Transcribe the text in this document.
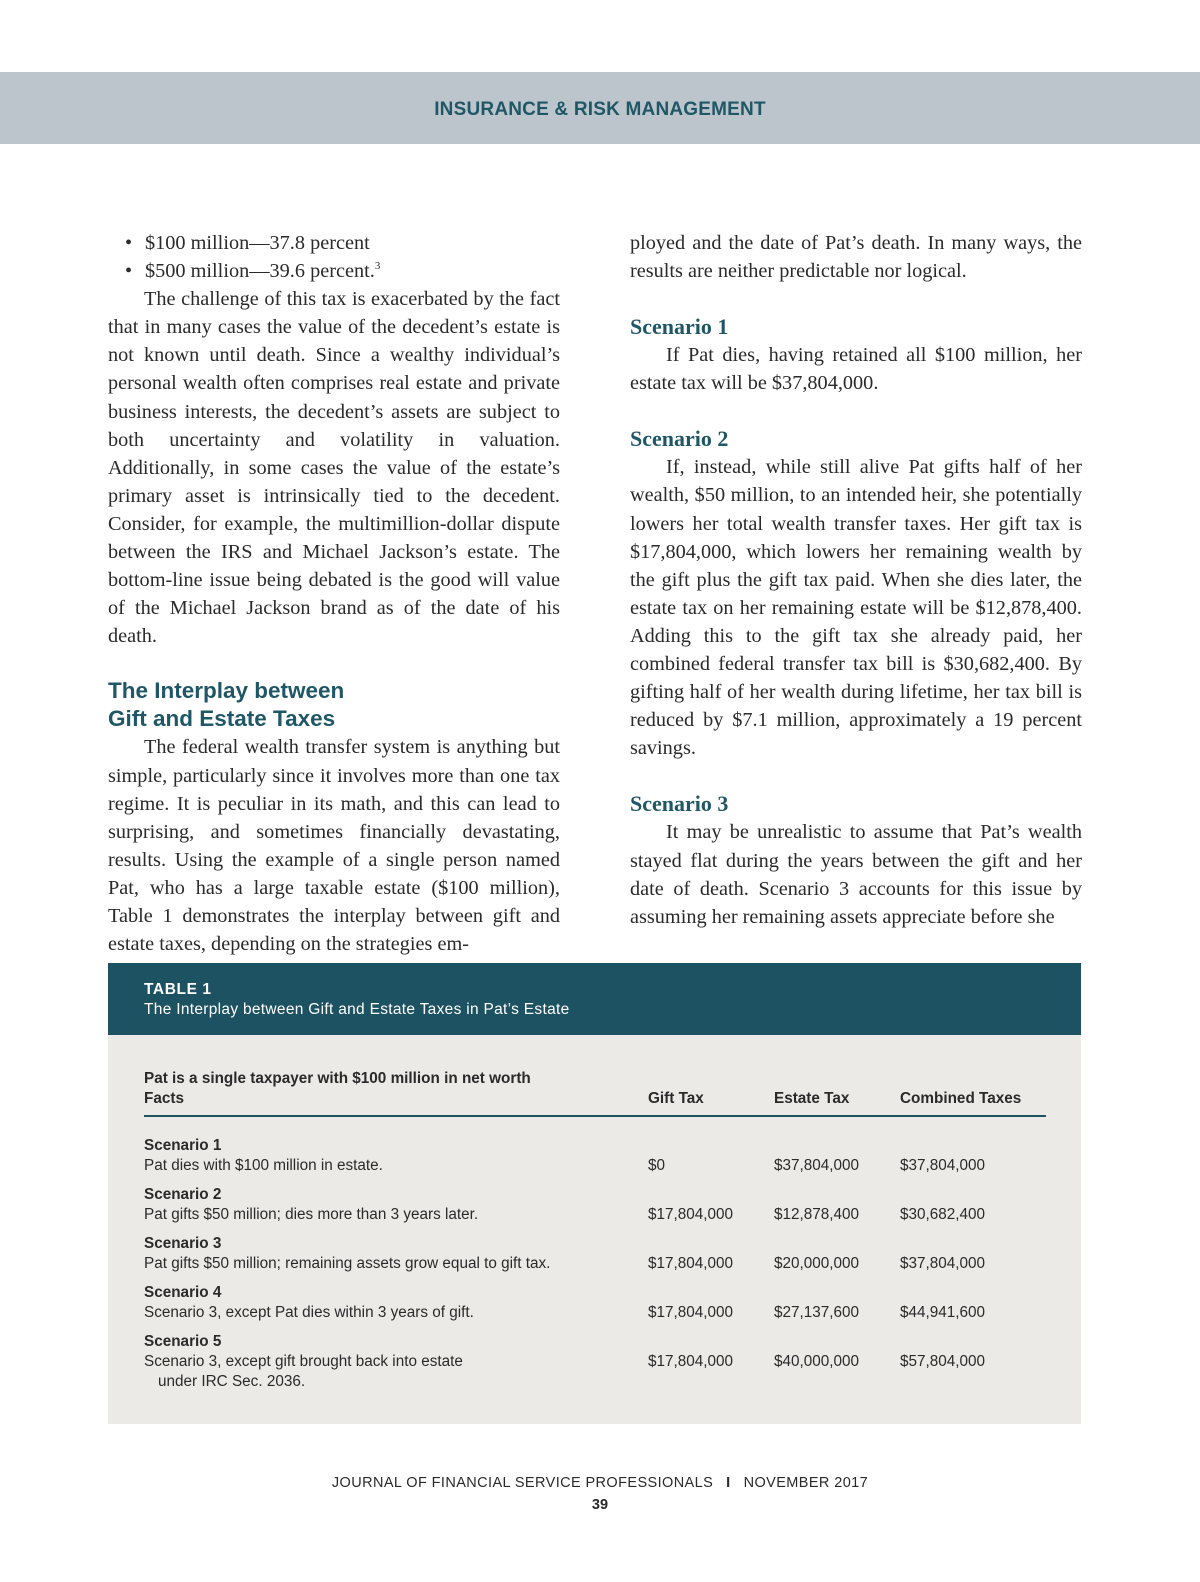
INSURANCE & RISK MANAGEMENT
• $100 million—37.8 percent
• $500 million—39.6 percent.$^3$

The challenge of this tax is exacerbated by the fact that in many cases the value of the decedent’s estate is not known until death. Since a wealthy individual’s personal wealth often comprises real estate and private business interests, the decedent’s assets are subject to both uncertainty and volatility in valuation. Additionally, in some cases the value of the estate’s primary asset is intrinsically tied to the decedent. Consider, for example, the multimillion-dollar dispute between the IRS and Michael Jackson’s estate. The bottom-line issue being debated is the good will value of the Michael Jackson brand as of the date of his death.

The Interplay between
Gift and Estate Taxes

The federal wealth transfer system is anything but simple, particularly since it involves more than one tax regime. It is peculiar in its math, and this can lead to surprising, and sometimes financially devastating, results. Using the example of a single person named Pat, who has a large taxable estate ($100 million), Table 1 demonstrates the interplay between gift and estate taxes, depending on the strategies em-

ployed and the date of Pat’s death. In many ways, the results are neither predictable nor logical.

Scenario 1

If Pat dies, having retained all $100 million, her estate tax will be $37,804,000.

Scenario 2

If, instead, while still alive Pat gifts half of her wealth, $50 million, to an intended heir, she potentially lowers her total wealth transfer taxes. Her gift tax is $17,804,000, which lowers her remaining wealth by the gift plus the gift tax paid. When she dies later, the estate tax on her remaining estate will be $12,878,400. Adding this to the gift tax she already paid, her combined federal transfer tax bill is $30,682,400. By gifting half of her wealth during lifetime, her tax bill is reduced by $7.1 million, approximately a 19 percent savings.

Scenario 3

It may be unrealistic to assume that Pat’s wealth stayed flat during the years between the gift and her date of death. Scenario 3 accounts for this issue by assuming her remaining assets appreciate before she

TABLE 1
The Interplay between Gift and Estate Taxes in Pat’s Estate
Pat is a single taxpayer with $100 million in net worth
Facts	Gift Tax	Estate Tax	Combined Taxes
Scenario 1
Pat dies with $100 million in estate.	$0	$37,804,000	$37,804,000
Scenario 2
Pat gifts $50 million; dies more than 3 years later.	$17,804,000	$12,878,400	$30,682,400
Scenario 3
Pat gifts $50 million; remaining assets grow equal to gift tax.	$17,804,000	$20,000,000	$37,804,000
Scenario 4
Scenario 3, except Pat dies within 3 years of gift.	$17,804,000	$27,137,600	$44,941,600
Scenario 5
Scenario 3, except gift brought back into estate
under IRC Sec. 2036.
$17,804,000	$40,000,000	$57,804,000
JOURNAL OF FINANCIAL SERVICE PROFESSIONALS I NOVEMBER 2017
39
